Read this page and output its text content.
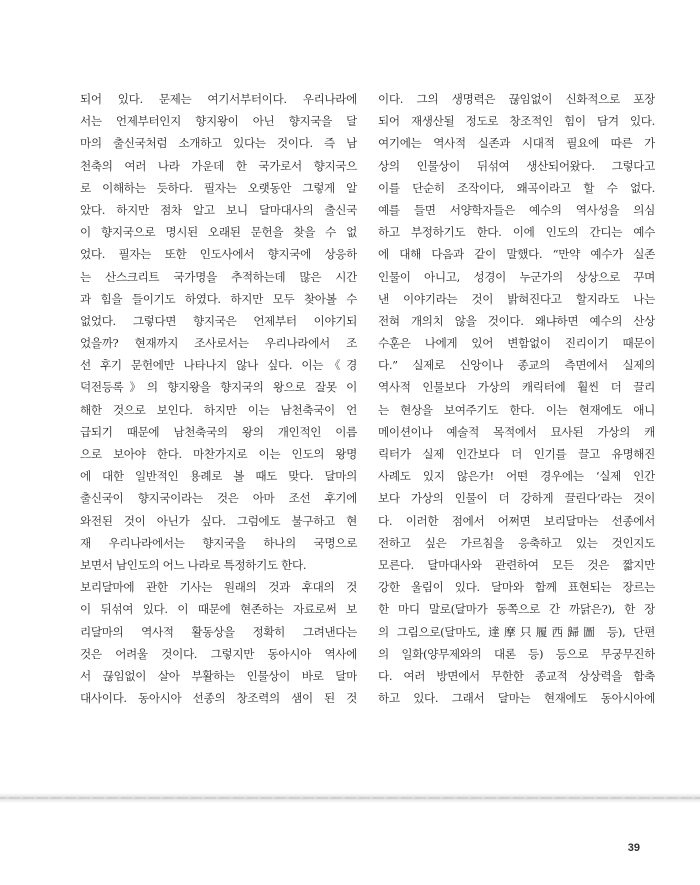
되어 있다. 문제는 여기서부터이다. 우리나라에
서는 언제부터인지 향지왕이 아닌 향지국을 달
마의 출신국처럼 소개하고 있다는 것이다. 즉 남
천축의 여러 나라 가운데 한 국가로서 향지국으
로 이해하는 듯하다. 필자는 오랫동안 그렇게 알
았다. 하지만 점차 알고 보니 달마대사의 출신국
이 향지국으로 명시된 오래된 문헌을 찾을 수 없
었다. 필자는 또한 인도사에서 향지국에 상응하
는 산스크리트 국가명을 추적하는데 많은 시간
과 힘을 들이기도 하였다. 하지만 모두 찾아볼 수
없었다. 그렇다면 향지국은 언제부터 이야기되
었을까? 현재까지 조사로서는 우리나라에서 조
선 후기 문헌에만 나타나지 않나 싶다. 이는《경
덕전등록》의 향지왕을 향지국의 왕으로 잘못 이
해한 것으로 보인다. 하지만 이는 남천축국이 언
급되기 때문에 남천축국의 왕의 개인적인 이름
으로 보아야 한다. 마찬가지로 이는 인도의 왕명
에 대한 일반적인 용례로 볼 때도 맞다. 달마의
출신국이 향지국이라는 것은 아마 조선 후기에
와전된 것이 아닌가 싶다. 그럼에도 불구하고 현
재 우리나라에서는 향지국을 하나의 국명으로
보면서 남인도의 어느 나라로 특정하기도 한다.
보리달마에 관한 기사는 원래의 것과 후대의 것
이 뒤섞여 있다. 이 때문에 현존하는 자료로써 보
리달마의 역사적 활동상을 정확히 그려낸다는
것은 어려울 것이다. 그렇지만 동아시아 역사에
서 끊임없이 살아 부활하는 인물상이 바로 달마
대사이다. 동아시아 선종의 창조력의 샘이 된 것
이다. 그의 생명력은 끊임없이 신화적으로 포장
되어 재생산될 정도로 창조적인 힘이 담겨 있다.
여기에는 역사적 실존과 시대적 필요에 따른 가
상의 인물상이 뒤섞여 생산되어왔다. 그렇다고
이를 단순히 조작이다, 왜곡이라고 할 수 없다.
예를 들면 서양학자들은 예수의 역사성을 의심
하고 부정하기도 한다. 이에 인도의 간디는 예수
에 대해 다음과 같이 말했다. “만약 예수가 실존
인물이 아니고, 성경이 누군가의 상상으로 꾸며
낸 이야기라는 것이 밝혀진다고 할지라도 나는
전혀 개의치 않을 것이다. 왜냐하면 예수의 산상
수훈은 나에게 있어 변함없이 진리이기 때문이
다.” 실제로 신앙이나 종교의 측면에서 실제의
역사적 인물보다 가상의 캐릭터에 훨씬 더 끌리
는 현상을 보여주기도 한다. 이는 현재에도 애니
메이션이나 예술적 목적에서 묘사된 가상의 캐
릭터가 실제 인간보다 더 인기를 끌고 유명해진
사례도 있지 않은가! 어떤 경우에는 ‘실제 인간
보다 가상의 인물이 더 강하게 끌린다’라는 것이
다. 이러한 점에서 어쩌면 보리달마는 선종에서
전하고 싶은 가르침을 응축하고 있는 것인지도
모른다. 달마대사와 관련하여 모든 것은 짧지만
강한 울림이 있다. 달마와 함께 표현되는 장르는
한 마디 말로(달마가 동쪽으로 간 까닭은?), 한 장
의 그림으로(달마도, 達摩只履西歸圖 등), 단편
의 일화(양무제와의 대론 등) 등으로 무궁무진하
다. 여러 방면에서 무한한 종교적 상상력을 함축
하고 있다. 그래서 달마는 현재에도 동아시아에
39
